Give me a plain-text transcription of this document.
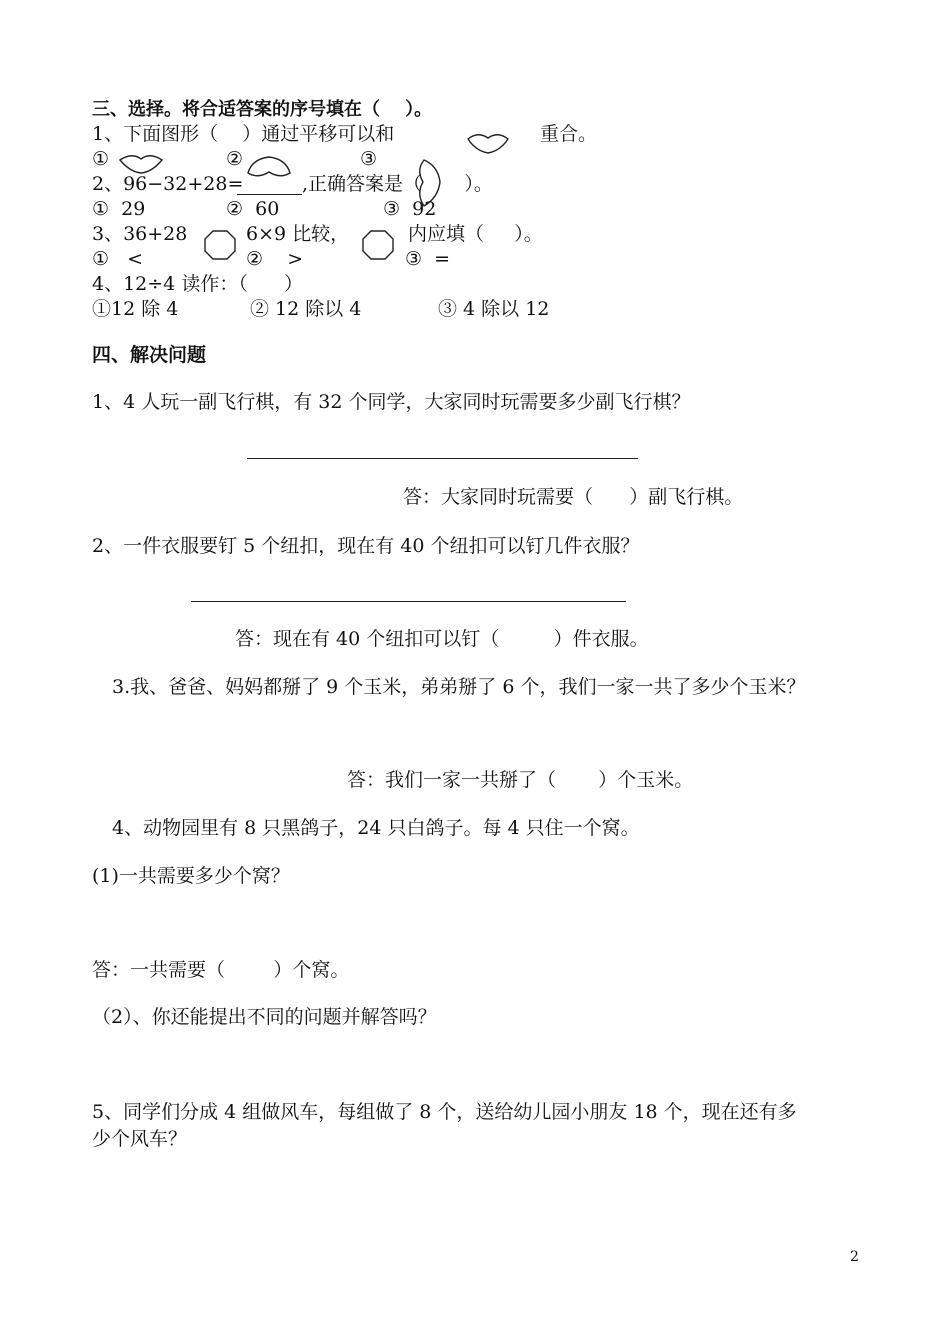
三、选择。将合适答案的序号填在（    ）。
1、下面图形（    ）通过平移可以和	重合。
①	②	③
2、96−32+28=	,正确答案是（       ）。
①  29	②  60	③  92
3、36+28	6×9 比较，	内应填（     ）。
①   <	②    >	③  =
4、12÷4 读作：（      ）
①12 除 4	② 12 除以 4	③ 4 除以 12
四、解决问题
1、4 人玩一副飞行棋，有 32 个同学，大家同时玩需要多少副飞行棋？
答：大家同时玩需要（      ）副飞行棋。
2、一件衣服要钉 5 个纽扣，现在有 40 个纽扣可以钉几件衣服？
答：现在有 40 个纽扣可以钉（         ）件衣服。
3.我、爸爸、妈妈都掰了 9 个玉米，弟弟掰了 6 个，我们一家一共了多少个玉米？
答：我们一家一共掰了（       ）个玉米。
4、动物园里有 8 只黑鸽子，24 只白鸽子。每 4 只住一个窝。
(1)一共需要多少个窝？
答：一共需要（        ）个窝。
（2）、你还能提出不同的问题并解答吗？
5、同学们分成 4 组做风车，每组做了 8 个，送给幼儿园小朋友 18 个，现在还有多
少个风车？
2
